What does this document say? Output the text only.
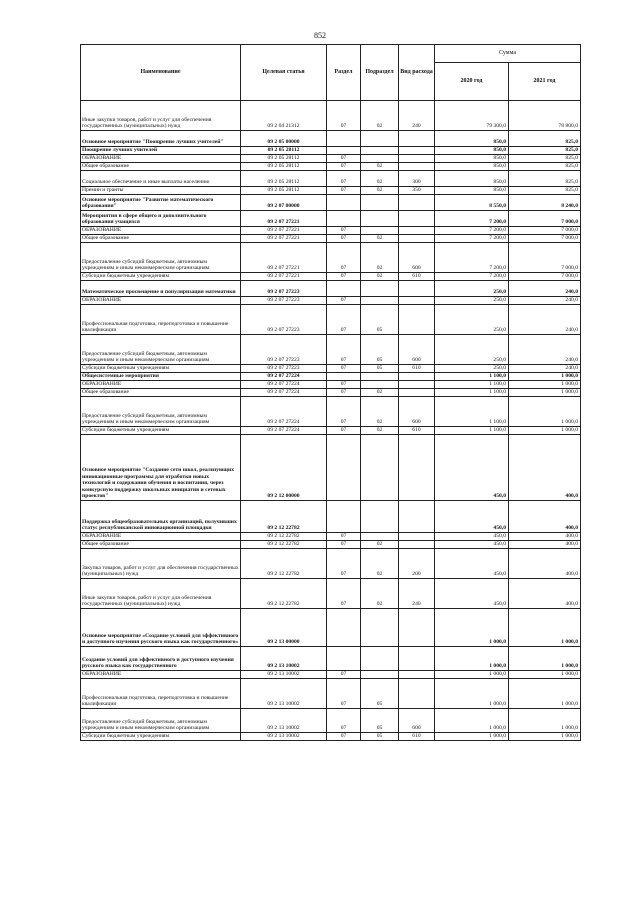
852
Наименование	Целевая статья	Раздел	Подраздел	Вид расхода	Сумма	
					2020 год	2021 год
Иные закупки товаров, работ и услуг для обеспечения государственных (муниципальных) нужд	09 2 04 21312	07	02	240	79 300,0	78 800,0
Основное мероприятие "Поощрение лучших учителей"	09 2 05 00000				850,0	825,0
Поощрение лучших учителей	09 2 05 28112				850,0	825,0
ОБРАЗОВАНИЕ	09 2 05 28112	07			850,0	825,0
Общее образование	09 2 05 28112	07	02		850,0	825,0
Социальное обеспечение и иные выплаты населению	09 2 05 28112	07	02	300	850,0	825,0
Премии и гранты	09 2 05 28112	07	02	350	850,0	825,0
Основное мероприятие "Развитие математического образования"	09 2 07 00000				8 550,0	8 240,0
Мероприятия в сфере общего и дополнительного образования учащихся	09 2 07 27221				7 200,0	7 000,0
ОБРАЗОВАНИЕ	09 2 07 27221	07			7 200,0	7 000,0
Общее образование	09 2 07 27221	07	02		7 200,0	7 000,0
Предоставление субсидий бюджетным, автономным учреждениям и иным некоммерческим организациям	09 2 07 27221	07	02	600	7 200,0	7 000,0
Субсидии бюджетным учреждениям	09 2 07 27221	07	02	610	7 200,0	7 000,0
Математическое просвещение и популяризация математики	09 2 07 27223				250,0	240,0
ОБРАЗОВАНИЕ	09 2 07 27223	07			250,0	240,0
Профессиональная подготовка, переподготовка и повышение квалификации	09 2 07 27223	07	05		250,0	240,0
Предоставление субсидий бюджетным, автономным учреждениям и иным некоммерческим организациям	09 2 07 27223	07	05	600	250,0	240,0
Субсидии бюджетным учреждениям	09 2 07 27223	07	05	610	250,0	240,0
Общесистемные мероприятия	09 2 07 27224				1 100,0	1 000,0
ОБРАЗОВАНИЕ	09 2 07 27224	07			1 100,0	1 000,0
Общее образование	09 2 07 27224	07	02		1 100,0	1 000,0
Предоставление субсидий бюджетным, автономным учреждениям и иным некоммерческим организациям	09 2 07 27224	07	02	600	1 100,0	1 000,0
Субсидии бюджетным учреждениям	09 2 07 27224	07	02	610	1 100,0	1 000,0
Основное мероприятие "Создание сети школ, реализующих инновационные программы для отработки новых технологий и содержания обучения и воспитания, через конкурсную поддержку школьных инициатив и сетевых проектов"	09 2 12 00000				450,0	400,0
Поддержка общеобразовательных организаций, получивших статус республиканской инновационной площадки	09 2 12 22782				450,0	400,0
ОБРАЗОВАНИЕ	09 2 12 22782	07			450,0	400,0
Общее образование	09 2 12 22782	07	02		450,0	400,0
Закупка товаров, работ и услуг для обеспечения государственных (муниципальных) нужд	09 2 12 22782	07	02	200	450,0	400,0
Иные закупки товаров, работ и услуг для обеспечения государственных (муниципальных) нужд	09 2 12 22782	07	02	240	450,0	400,0
Основное мероприятие «Создание условий для эффективного и доступного изучения русского языка как государственного»	09 2 13 00000				1 000,0	1 000,0
Создание условий для эффективного и доступного изучения русского языка как государственного	09 2 13 10002				1 000,0	1 000,0
ОБРАЗОВАНИЕ	09 2 13 10002	07			1 000,0	1 000,0
Профессиональная подготовка, переподготовка и повышение квалификации	09 2 13 10002	07	05		1 000,0	1 000,0
Предоставление субсидий бюджетным, автономным учреждениям и иным некоммерческим организациям	09 2 13 10002	07	05	600	1 000,0	1 000,0
Субсидии бюджетным учреждениям	09 2 13 10002	07	05	610	1 000,0	1 000,0
